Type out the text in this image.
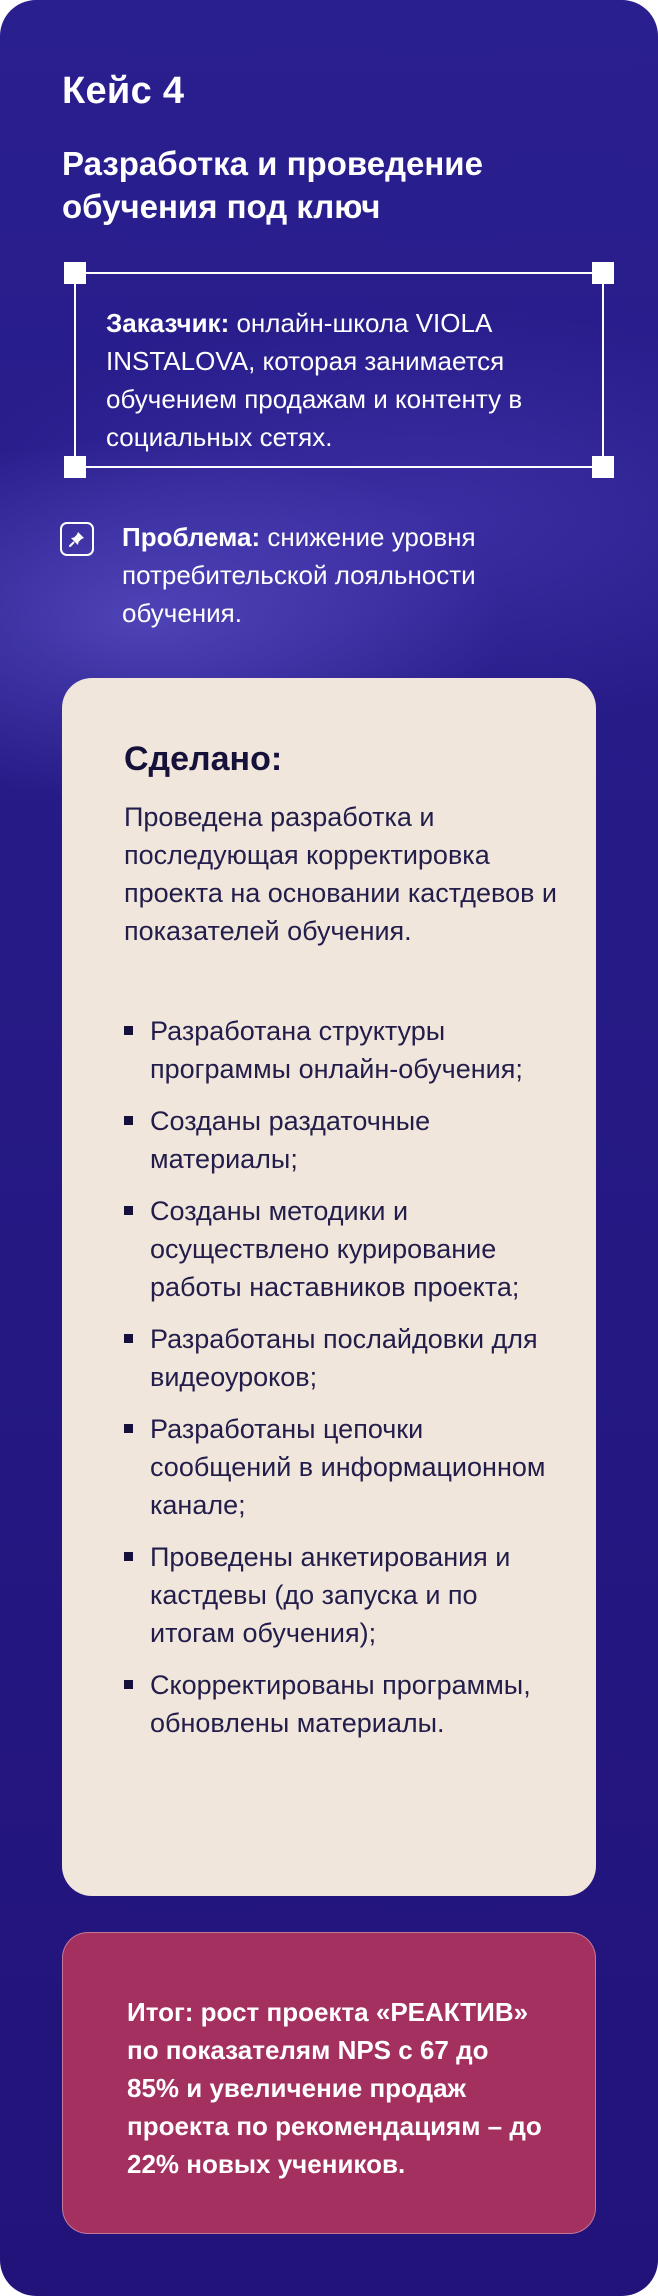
Кейс 4
Разработка и проведение обучения под ключ
Заказчик: онлайн-школа VIOLA INSTALOVA, которая занимается обучением продажам и контенту в социальных сетях.
Проблема: снижение уровня потребительской лояльности обучения.
Сделано:
Проведена разработка и последующая корректировка проекта на основании кастдевов и показателей обучения.
Разработана структуры программы онлайн-обучения;
Созданы раздаточные материалы;
Созданы методики и осуществлено курирование работы наставников проекта;
Разработаны послайдовки для видеоуроков;
Разработаны цепочки сообщений в информационном канале;
Проведены анкетирования и кастдевы (до запуска и по итогам обучения);
Скорректированы программы, обновлены материалы.
Итог: рост проекта «РЕАКТИВ» по показателям NPS с 67 до 85% и увеличение продаж проекта по рекомендациям – до 22% новых учеников.
